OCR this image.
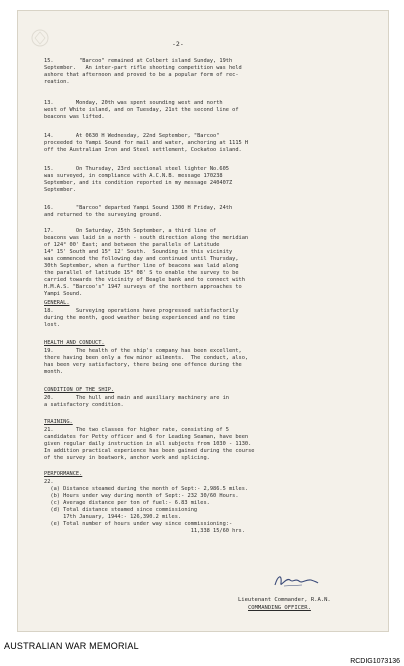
-2-
15.        "Barcoo" remained at Colbert island Sunday, 19th
September.   An inter-part rifle shooting competition was held
ashore that afternoon and proved to be a popular form of rec-
reation.
13.       Monday, 20th was spent sounding west and north
west of White island, and on Tuesday, 21st the second line of
beacons was lifted.
14.       At 0630 H Wednesday, 22nd September, "Barcoo"
proceeded to Yampi Sound for mail and water, anchoring at 1115 H
off the Australian Iron and Steel settlement, Cockatoo island.
15.       On Thursday, 23rd sectional steel lighter No.605
was surveyed, in compliance with A.C.N.B. message 170238
September, and its condition reported in my message 240407Z
September.
16.       "Barcoo" departed Yampi Sound 1300 H Friday, 24th
and returned to the surveying ground.
17.       On Saturday, 25th September, a third line of
beacons was laid in a north - south direction along the meridian
of 124° 00' East; and between the parallels of Latitude
14° 15' South and 15° 12' South.  Sounding in this vicinity
was commenced the following day and continued until Thursday,
30th September, when a further line of beacons was laid along
the parallel of latitude 15° 08' S to enable the survey to be
carried towards the vicinity of Beagle bank and to connect with
H.M.A.S. "Barcoo's" 1947 surveys of the northern approaches to
Yampi Sound.
GENERAL.
18.       Surveying operations have progressed satisfactorily
during the month, good weather being experienced and no time
lost.
HEALTH AND CONDUCT.
19.       The health of the ship's company has been excellent,
there having been only a few minor ailments.  The conduct, also,
has been very satisfactory, there being one offence during the
month.
CONDITION OF THE SHIP.
20.       The hull and main and auxiliary machinery are in
a satisfactory condition.
TRAINING.
21.       The two classes for higher rate, consisting of 5
candidates for Petty officer and 6 for Leading Seaman, have been
given regular daily instruction in all subjects from 1030 - 1130.
In addition practical experience has been gained during the course
of the survey in boatwork, anchor work and splicing.
PERFORMANCE.
22.
(a) Distance steamed during the month of Sept:- 2,986.5 miles.
(b) Hours under way during month of Sept:- 232 30/60 Hours.
(c) Average distance per ton of fuel:- 6.83 miles.
(d) Total distance steamed since commissioning
17th January, 1944:- 126,390.2 miles.
(e) Total number of hours under way since commissioning:-
11,338 15/60 hrs.
Lieutenant Commander, R.A.N.
COMMANDING OFFICER.
AUSTRALIAN WAR MEMORIAL
RCDIG1073136
